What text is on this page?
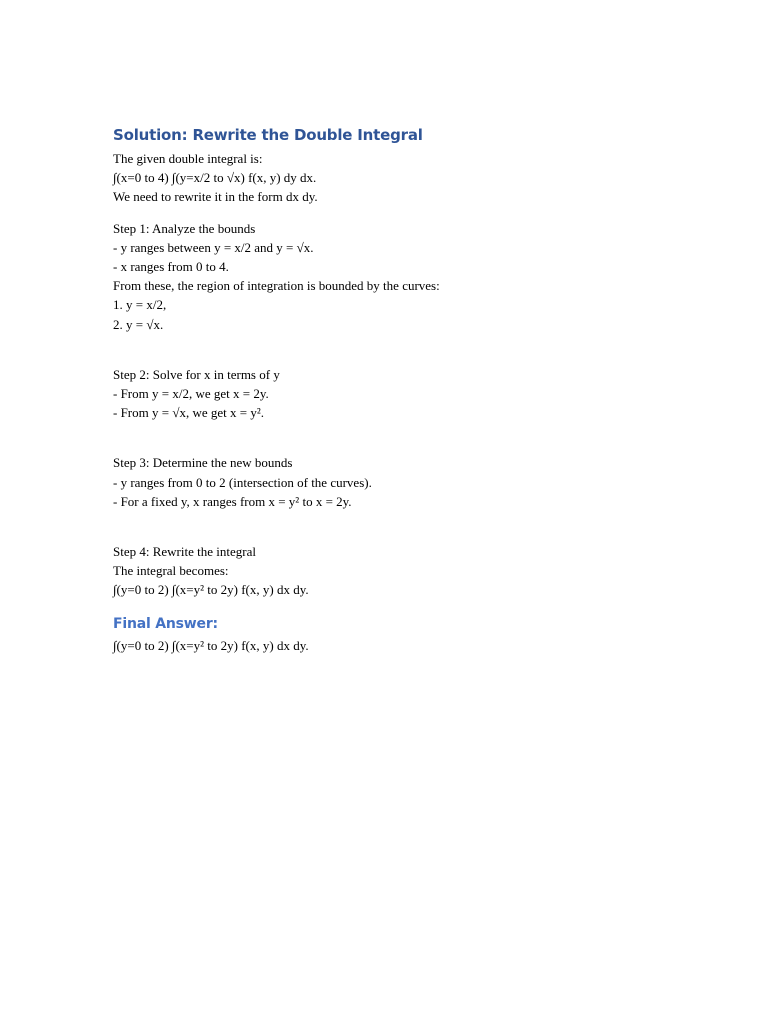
Solution: Rewrite the Double Integral

The given double integral is:

∫(x=0 to 4) ∫(y=x/2 to √x) f(x, y) dy dx.

We need to rewrite it in the form dx dy.

Step 1: Analyze the bounds

- y ranges between y = x/2 and y = √x.

- x ranges from 0 to 4.

From these, the region of integration is bounded by the curves:

1. y = x/2,

2. y = √x.

Step 2: Solve for x in terms of y

- From y = x/2, we get x = 2y.

- From y = √x, we get x = y².

Step 3: Determine the new bounds

- y ranges from 0 to 2 (intersection of the curves).

- For a fixed y, x ranges from x = y² to x = 2y.

Step 4: Rewrite the integral

The integral becomes:

∫(y=0 to 2) ∫(x=y² to 2y) f(x, y) dx dy.

Final Answer:

∫(y=0 to 2) ∫(x=y² to 2y) f(x, y) dx dy.
